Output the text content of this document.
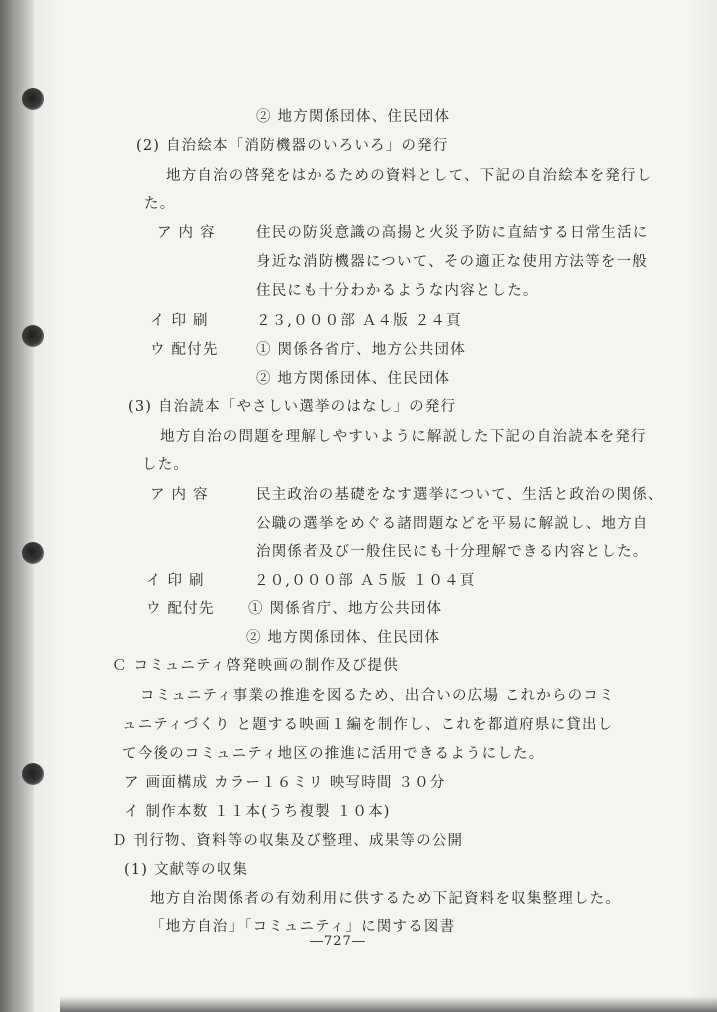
② 地方関係団体、住民団体
(2) 自治絵本「消防機器のいろいろ」の発行
地方自治の啓発をはかるための資料として、下記の自治絵本を発行し
た。
ア 内 容	住民の防災意識の高揚と火災予防に直結する日常生活に
身近な消防機器について、その適正な使用方法等を一般
住民にも十分わかるような内容とした。
イ 印 刷	２３,０００部 Ａ４版 ２４頁
ウ 配付先	① 関係各省庁、地方公共団体
② 地方関係団体、住民団体
(3) 自治読本「やさしい選挙のはなし」の発行
地方自治の問題を理解しやすいように解説した下記の自治読本を発行
した。
ア 内 容	民主政治の基礎をなす選挙について、生活と政治の関係、
公職の選挙をめぐる諸問題などを平易に解説し、地方自
治関係者及び一般住民にも十分理解できる内容とした。
イ 印 刷	２０,０００部 Ａ５版 １０４頁
ウ 配付先 ① 関係省庁、地方公共団体
② 地方関係団体、住民団体
Ｃ コミュニティ啓発映画の制作及び提供
コミュニティ事業の推進を図るため、出合いの広場 これからのコミ
ュニティづくり と題する映画１編を制作し、これを都道府県に貸出し
て今後のコミュニティ地区の推進に活用できるようにした。
ア 画面構成 カラー１６ミリ 映写時間 ３０分
イ 制作本数 １１本(うち複製 １０本)
Ｄ 刊行物、資料等の収集及び整理、成果等の公開
(1) 文献等の収集
地方自治関係者の有効利用に供するため下記資料を収集整理した。
「地方自治」「コミュニティ」に関する図書
―727―
